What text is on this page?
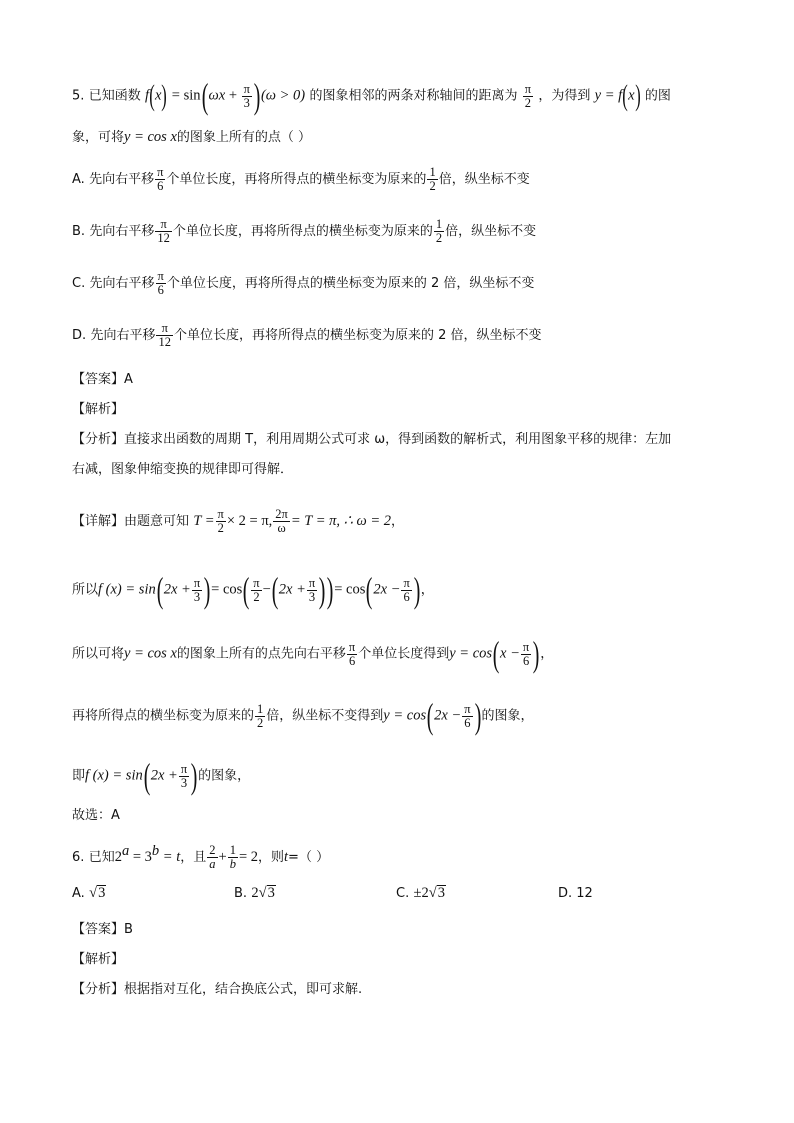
5. 已知函数 $f(x) = \sin(\omega x + \frac{\pi}{3} )(\omega > 0)$ 的图象相邻的两条对称轴间的距离为 $\frac{\pi}{2}$ ，为得到 y = f(x) 的图
象，可将y = cos x的图象上所有的点（ ）
A. 先向右平移 $\frac{\pi}{6}$ 个单位长度，再将所得点的横坐标变为原来的 $\frac{1}{2}$ 倍，纵坐标不变
B. 先向右平移 $\frac{\pi}{12}$ 个单位长度，再将所得点的横坐标变为原来的 $\frac{1}{2}$ 倍，纵坐标不变
C. 先向右平移 $\frac{\pi}{6}$ 个单位长度，再将所得点的横坐标变为原来的 2 倍，纵坐标不变
D. 先向右平移 $\frac{\pi}{12}$ 个单位长度，再将所得点的横坐标变为原来的 2 倍，纵坐标不变
【答案】A
【解析】
【分析】直接求出函数的周期 T，利用周期公式可求 ω，得到函数的解析式，利用图象平移的规律：左加
右减，图象伸缩变换的规律即可得解．
【详解】由题意可知 $T = \frac{\pi}{2} \times 2 = \pi$, $\frac{2\pi}{\omega} = T = \pi$, ∴ ω = 2，
所以f $(x) = \sin(2x + \frac{\pi}{3}$ )= $\cos( \frac{\pi}{2} -(2x + \frac{\pi}{3}$ ))= $\cos(2x - \frac{\pi}{6}$ )，
所以可将y = cos x的图象上所有的点先向右平移 $\frac{\pi}{6}$ 个单位长度得到$y = \cos(x - \frac{\pi}{6}$ )，
再将所得点的横坐标变为原来的 $\frac{1}{2}$ 倍，纵坐标不变得到$y = \cos(2x - \frac{\pi}{6}$ )的图象，
即f $(x) = \sin(2x + \frac{\pi}{3}$ )的图象，
故选：A
6. 已知$2^a = 3^b = t$，且 $\frac{2}{a} + \frac{1}{b} = 2$，则t=（ ）
A. √3	B. 2√3	C. ±2√3	D. 12
【答案】B
【解析】
【分析】根据指对互化，结合换底公式，即可求解.
